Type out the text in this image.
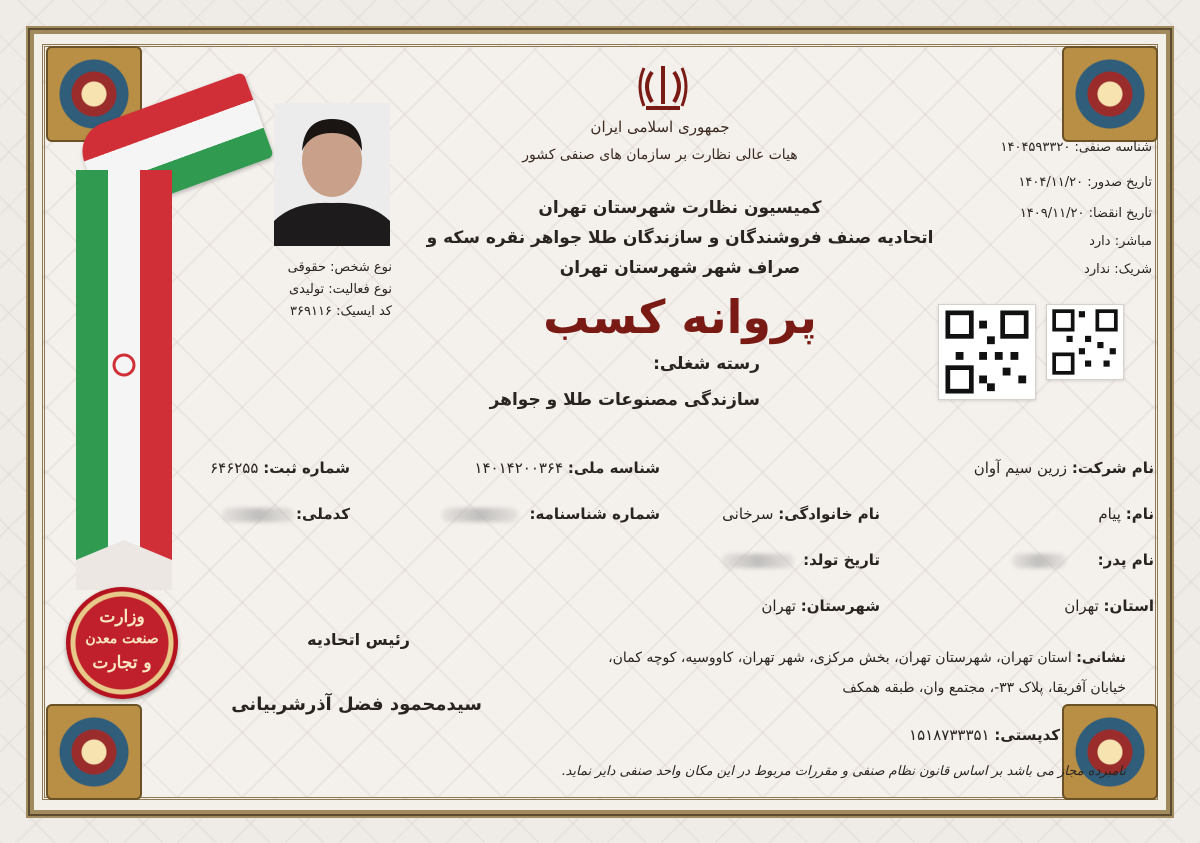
وزارت
صنعت معدن
و تجارت
جمهوری اسلامی ایران
هیات عالی نظارت بر سازمان های صنفی کشور
کمیسیون نظارت شهرستان تهران
اتحادیه صنف فروشندگان و سازندگان طلا جواهر نقره سکه و
صراف شهر شهرستان تهران
پروانه کسب
رسته شغلی:
سازندگی مصنوعات طلا و جواهر
شناسه صنفی: ۱۴۰۴۵۹۳۳۲۰
تاریخ صدور: ۱۴۰۴/۱۱/۲۰
تاریخ انقضا: ۱۴۰۹/۱۱/۲۰
مباشر: دارد
شریک: ندارد
نوع شخص: حقوقی
نوع فعالیت: تولیدی
کد ایسیک: ۳۶۹۱۱۶
نام شرکت: زرین سیم آوان
شناسه ملی: ۱۴۰۱۴۲۰۰۳۶۴
شماره ثبت: ۶۴۶۲۵۵
نام: پیام
نام خانوادگی: سرخانی
شماره شناسنامه:
کدملی:
نام پدر:
تاریخ تولد:
استان: تهران
شهرستان: تهران
نشانی: استان تهران، شهرستان تهران، بخش مرکزی، شهر تهران، کاووسیه، کوچه کمان،
خیابان آفریقا، پلاک ۳۳-، مجتمع وان، طبقه همکف
کدپستی: ۱۵۱۸۷۳۳۳۵۱
رئیس اتحادیه
سیدمحمود فضل آذرشربیانی
نامبرده مجاز می باشد بر اساس قانون نظام صنفی و مقررات مربوط در این مکان واحد صنفی دایر نماید.
